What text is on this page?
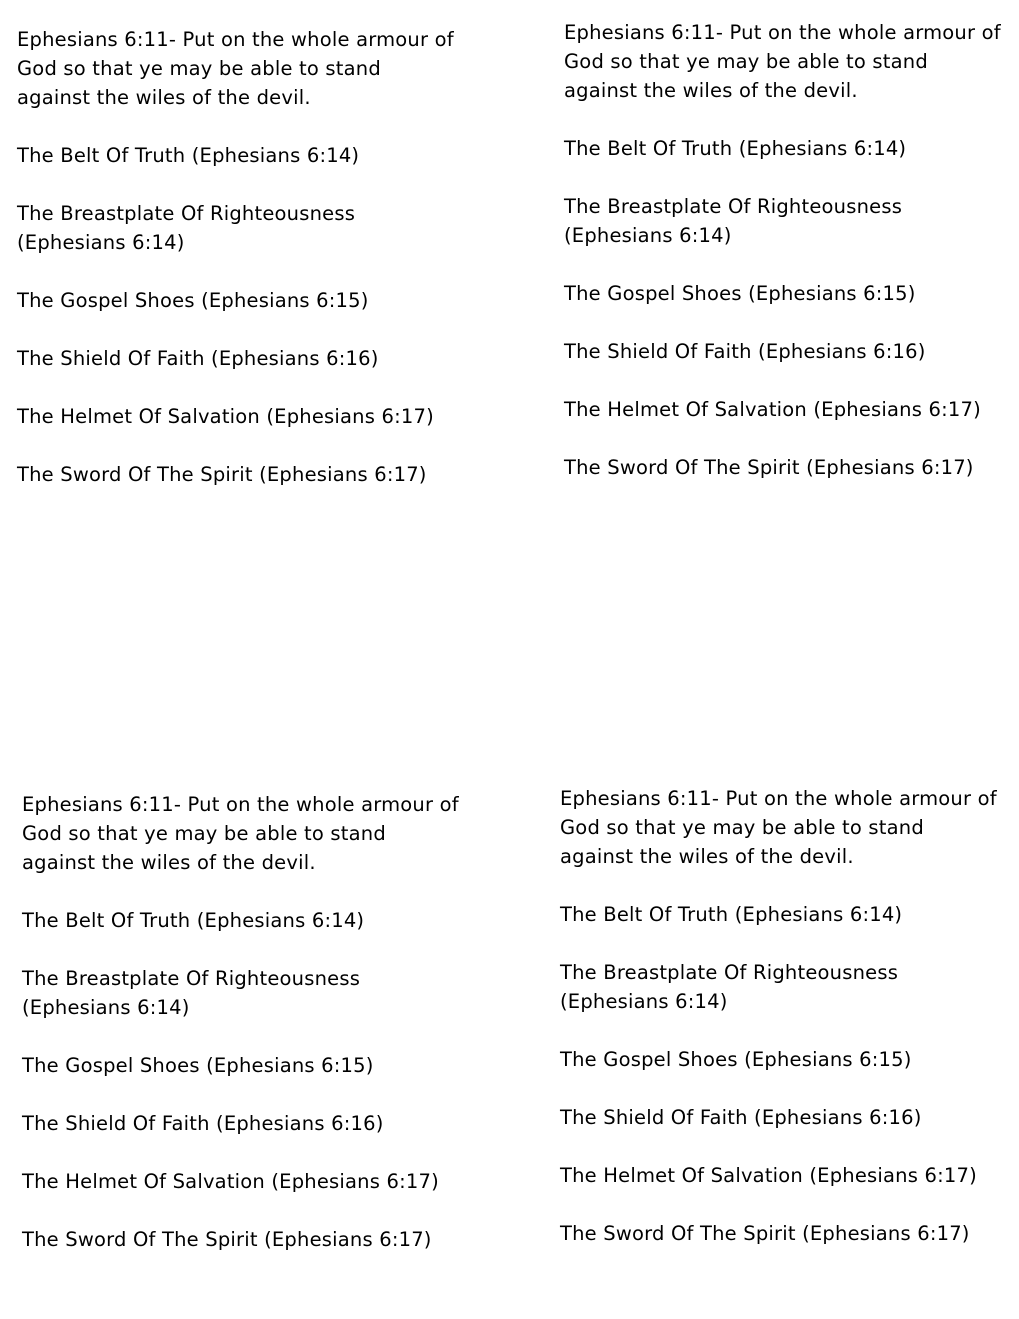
Ephesians 6:11- Put on the whole armour of
God so that ye may be able to stand
against the wiles of the devil.

The Belt Of Truth (Ephesians 6:14)

The Breastplate Of Righteousness
(Ephesians 6:14)

The Gospel Shoes (Ephesians 6:15)

The Shield Of Faith (Ephesians 6:16)

The Helmet Of Salvation (Ephesians 6:17)

The Sword Of The Spirit (Ephesians 6:17)

Ephesians 6:11- Put on the whole armour of
God so that ye may be able to stand
against the wiles of the devil.

The Belt Of Truth (Ephesians 6:14)

The Breastplate Of Righteousness
(Ephesians 6:14)

The Gospel Shoes (Ephesians 6:15)

The Shield Of Faith (Ephesians 6:16)

The Helmet Of Salvation (Ephesians 6:17)

The Sword Of The Spirit (Ephesians 6:17)

Ephesians 6:11- Put on the whole armour of
God so that ye may be able to stand
against the wiles of the devil.

The Belt Of Truth (Ephesians 6:14)

The Breastplate Of Righteousness
(Ephesians 6:14)

The Gospel Shoes (Ephesians 6:15)

The Shield Of Faith (Ephesians 6:16)

The Helmet Of Salvation (Ephesians 6:17)

The Sword Of The Spirit (Ephesians 6:17)

Ephesians 6:11- Put on the whole armour of
God so that ye may be able to stand
against the wiles of the devil.

The Belt Of Truth (Ephesians 6:14)

The Breastplate Of Righteousness
(Ephesians 6:14)

The Gospel Shoes (Ephesians 6:15)

The Shield Of Faith (Ephesians 6:16)

The Helmet Of Salvation (Ephesians 6:17)

The Sword Of The Spirit (Ephesians 6:17)
